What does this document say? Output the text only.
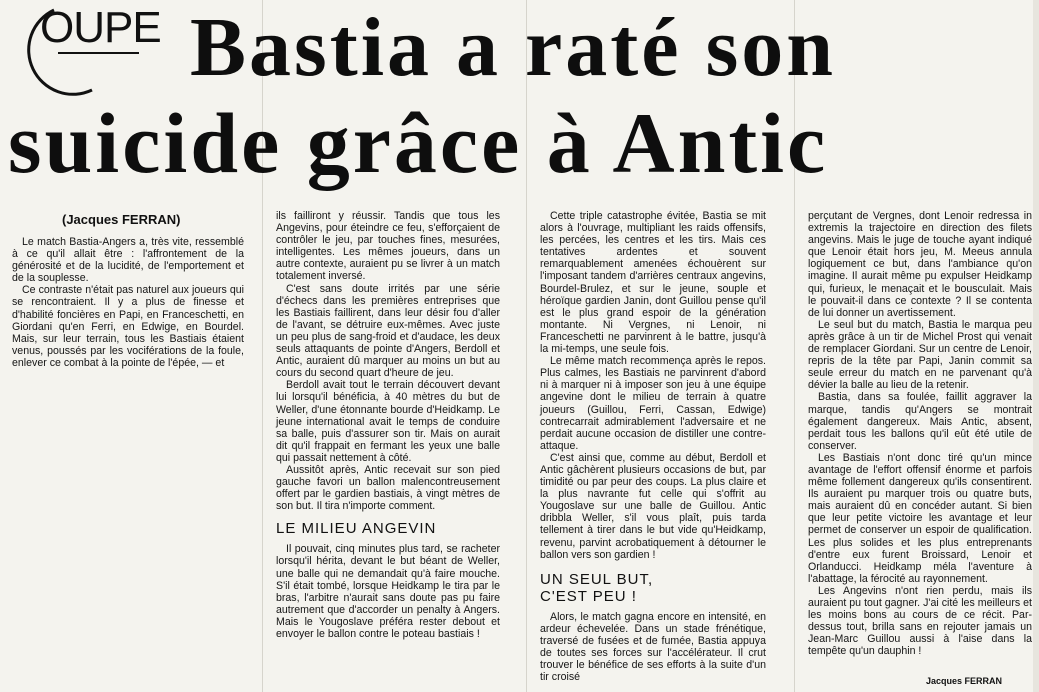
OUPE Bastia a raté son
suicide grâce à Antic
(Jacques FERRAN)

Le match Bastia-Angers a, très vite, ressemblé à ce qu'il allait être : l'affrontement de la générosité et de la lucidité, de l'emportement et de la souplesse.

Ce contraste n'était pas naturel aux joueurs qui se rencontraient. Il y a plus de finesse et d'habilité foncières en Papi, en Franceschetti, en Giordani qu'en Ferri, en Edwige, en Bourdel. Mais, sur leur terrain, tous les Bastiais étaient venus, poussés par les vociférations de la foule, enlever ce combat à la pointe de l'épée, — et

ils failliront y réussir. Tandis que tous les Angevins, pour éteindre ce feu, s'efforçaient de contrôler le jeu, par touches fines, mesurées, intelligentes. Les mêmes joueurs, dans un autre contexte, auraient pu se livrer à un match totalement inversé.

C'est sans doute irrités par une série d'échecs dans les premières entreprises que les Bastiais faillirent, dans leur désir fou d'aller de l'avant, se détruire eux-mêmes. Avec juste un peu plus de sang-froid et d'audace, les deux seuls attaquants de pointe d'Angers, Berdoll et Antic, auraient dû marquer au moins un but au cours du second quart d'heure de jeu.

Berdoll avait tout le terrain découvert devant lui lorsqu'il bénéficia, à 40 mètres du but de Weller, d'une étonnante bourde d'Heidkamp. Le jeune international avait le temps de conduire sa balle, puis d'assurer son tir. Mais on aurait dit qu'il frappait en fermant les yeux une balle qui passait nettement à côté.

Aussitôt après, Antic recevait sur son pied gauche favori un ballon malencontreusement offert par le gardien bastiais, à vingt mètres de son but. Il tira n'importe comment.

LE MILIEU ANGEVIN

Il pouvait, cinq minutes plus tard, se racheter lorsqu'il hérita, devant le but béant de Weller, une balle qui ne demandait qu'à faire mouche. S'il était tombé, lorsque Heidkamp le tira par le bras, l'arbitre n'aurait sans doute pas pu faire autrement que d'accorder un penalty à Angers. Mais le Yougoslave préféra rester debout et envoyer le ballon contre le poteau bastiais !

Cette triple catastrophe évitée, Bastia se mit alors à l'ouvrage, multipliant les raids offensifs, les percées, les centres et les tirs. Mais ces tentatives ardentes et souvent remarquablement amenées échouèrent sur l'imposant tandem d'arrières centraux angevins, Bourdel-Brulez, et sur le jeune, souple et héroïque gardien Janin, dont Guillou pense qu'il est le plus grand espoir de la génération montante. Ni Vergnes, ni Lenoir, ni Franceschetti ne parvinrent à le battre, jusqu'à la mi-temps, une seule fois.

Le même match recommença après le repos. Plus calmes, les Bastiais ne parvinrent d'abord ni à marquer ni à imposer son jeu à une équipe angevine dont le milieu de terrain à quatre joueurs (Guillou, Ferri, Cassan, Edwige) contrecarrait admirablement l'adversaire et ne perdait aucune occasion de distiller une contre-attaque.

C'est ainsi que, comme au début, Berdoll et Antic gâchèrent plusieurs occasions de but, par timidité ou par peur des coups. La plus claire et la plus navrante fut celle qui s'offrit au Yougoslave sur une balle de Guillou. Antic dribbla Weller, s'il vous plaît, puis tarda tellement à tirer dans le but vide qu'Heidkamp, revenu, parvint acrobatiquement à détourner le ballon vers son gardien !

UN SEUL BUT,
C'EST PEU !

Alors, le match gagna encore en intensité, en ardeur échevelée. Dans un stade frénétique, traversé de fusées et de fumée, Bastia appuya de toutes ses forces sur l'accélérateur. Il crut trouver le bénéfice de ses efforts à la suite d'un tir croisé

perçutant de Vergnes, dont Lenoir redressa in extremis la trajectoire en direction des filets angevins. Mais le juge de touche ayant indiqué que Lenoir était hors jeu, M. Meeus annula logiquement ce but, dans l'ambiance qu'on imagine. Il aurait même pu expulser Heidkamp qui, furieux, le menaçait et le bousculait. Mais le pouvait-il dans ce contexte ? Il se contenta de lui donner un avertissement.

Le seul but du match, Bastia le marqua peu après grâce à un tir de Michel Prost qui venait de remplacer Giordani. Sur un centre de Lenoir, repris de la tête par Papi, Janin commit sa seule erreur du match en ne parvenant qu'à dévier la balle au lieu de la retenir.

Bastia, dans sa foulée, faillit aggraver la marque, tandis qu'Angers se montrait également dangereux. Mais Antic, absent, perdait tous les ballons qu'il eût été utile de conserver.

Les Bastiais n'ont donc tiré qu'un mince avantage de l'effort offensif énorme et parfois même follement dangereux qu'ils consentirent. Ils auraient pu marquer trois ou quatre buts, mais auraient dû en concéder autant. Si bien que leur petite victoire les avantage et leur permet de conserver un espoir de qualification. Les plus solides et les plus entreprenants d'entre eux furent Broissard, Lenoir et Orlanducci. Heidkamp méla l'aventure à l'abattage, la férocité au rayonnement.

Les Angevins n'ont rien perdu, mais ils auraient pu tout gagner. J'ai cité les meilleurs et les moins bons au cours de ce récit. Par-dessus tout, brilla sans en rejouter jamais un Jean-Marc Guillou aussi à l'aise dans la tempête qu'un dauphin !

Jacques FERRAN
